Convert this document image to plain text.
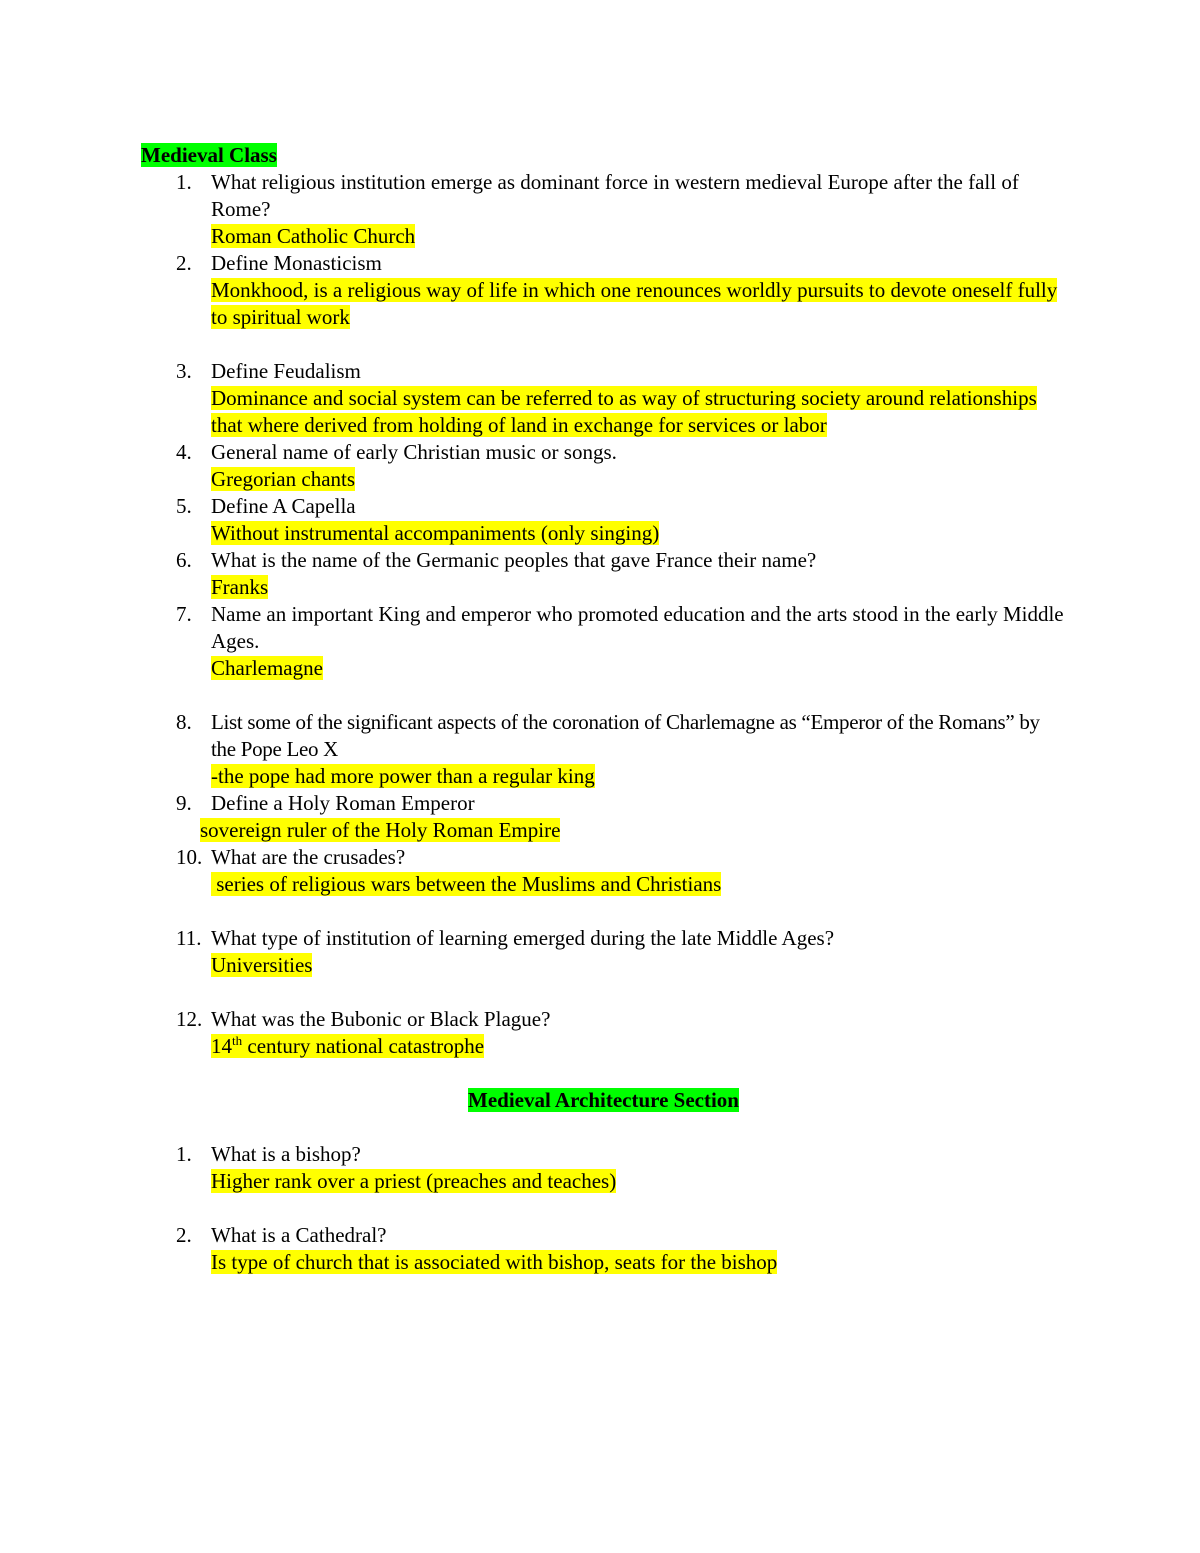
Medieval Class
1. What religious institution emerge as dominant force in western medieval Europe after the fall of Rome?
Roman Catholic Church
2. Define Monasticism
Monkhood, is a religious way of life in which one renounces worldly pursuits to devote oneself fully to spiritual work
3. Define Feudalism
Dominance and social system can be referred to as way of structuring society around relationships that where derived from holding of land in exchange for services or labor
4. General name of early Christian music or songs.
Gregorian chants
5. Define A Capella
Without instrumental accompaniments (only singing)
6. What is the name of the Germanic peoples that gave France their name?
Franks
7. Name an important King and emperor who promoted education and the arts stood in the early Middle Ages.
Charlemagne
8. List some of the significant aspects of the coronation of Charlemagne as “Emperor of the Romans” by the Pope Leo X
-the pope had more power than a regular king
9. Define a Holy Roman Emperor
sovereign ruler of the Holy Roman Empire
10. What are the crusades?
series of religious wars between the Muslims and Christians
11. What type of institution of learning emerged during the late Middle Ages?
Universities
12. What was the Bubonic or Black Plague?
14th century national catastrophe
Medieval Architecture Section
1. What is a bishop?
Higher rank over a priest (preaches and teaches)
2. What is a Cathedral?
Is type of church that is associated with bishop, seats for the bishop
